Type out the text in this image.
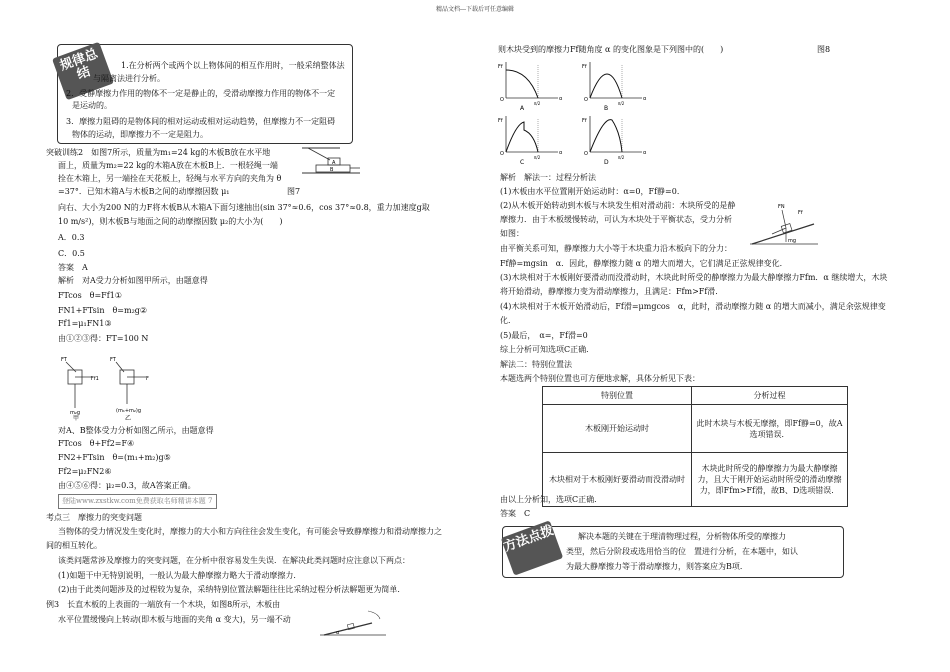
精品文档---下载后可任意编辑
规律总结	1.在分析两个或两个以上物体间的相互作用时，一般采纳整体法
与隔离法进行分析。
2．受静摩擦力作用的物体不一定是静止的，受滑动摩擦力作用的物体不一定
是运动的。
3．摩擦力阻碍的是物体间的相对运动或相对运动趋势，但摩擦力不一定阻碍
物体的运动，即摩擦力不一定是阻力。
突破训练2　如图7所示，质量为m₁=24 kg的木板B放在水平地
面上，质量为m₂=22 kg的木箱A放在木板B上．一根轻绳一端
拴在木箱上，另一端拴在天花板上，轻绳与水平方向的夹角为 θ
=37°．已知木箱A与木板B之间的动摩擦因数 μ₁	图7
向右、大小为200 N的力F将木板B从木箱A下面匀速抽出(sin 37°≈0.6，cos 37°≈0.8，重力加速度g取
10 m/s²)，则木板B与地面之间的动摩擦因数 μ₂的大小为(　　)
A
B
A．0.3
C．0.5
答案　A
解析　对A受力分析如图甲所示，由题意得
FTcos　θ=Ff1①
FN1+FTsin　θ=m₂g②
Ff1=μ₁FN1③
由①②③得：FT=100 N
FT
Ff1
m₂g
甲
FT
F
(m₁+m₂)g
乙
对A、B整体受力分析如图乙所示，由题意得
FTcos　θ+Ff2=F④
FN2+FTsin　θ=(m₁+m₂)g⑤
Ff2=μ₂FN2⑥
由④⑤⑥得：μ₂=0.3，故A答案正确。
登陆www.zxstkw.com免费获取名师精讲本题 7
考点三　摩擦力的突变问题
当物体的受力情况发生变化时，摩擦力的大小和方向往往会发生变化，有可能会导致静摩擦力和滑动摩擦力之
间的相互转化。
该类问题常涉及摩擦力的突变问题，在分析中很容易发生失误．在解决此类问题时应注意以下两点：
(1)如题干中无特别说明，一般认为最大静摩擦力略大于滑动摩擦力．
(2)由于此类问题涉及的过程较为复杂，采纳特别位置法解题往往比采纳过程分析法解题更为简单．
例3　长直木板的上表面的一端放有一个木块，如图8所示，木板由
水平位置缓慢向上转动(即木板与地面的夹角 α 变大)，另一端不动
α
则木块受到的摩擦力Ff随角度 α 的变化图象是下列图中的(　　)	图8
Ff
α
O
π/2
A
Ff
α
O
π/2
B
Ff
α
O
π/2
C
Ff
α
O
π/2
D
解析　解法一：过程分析法
(1)木板由水平位置刚开始运动时：α=0，Ff静=0．
(2)从木板开始转动到木板与木块发生相对滑动前：木块所受的是静
摩擦力．由于木板缓慢转动，可认为木块处于平衡状态，受力分析
如图：
FN
Ff
mg
由平衡关系可知，静摩擦力大小等于木块重力沿木板向下的分力：
Ff静=mgsin　α．因此，静摩擦力随 α 的增大而增大，它们满足正弦规律变化．
(3)木块相对于木板刚好要滑动而没滑动时，木块此时所受的静摩擦力为最大静摩擦力Ffm．α 继续增大，木块
将开始滑动，静摩擦力变为滑动摩擦力，且满足：Ffm>Ff滑．
(4)木块相对于木板开始滑动后，Ff滑=μmgcos　α，此时，滑动摩擦力随 α 的增大而减小，满足余弦规律变
化．
(5)最后，　α=，Ff滑=0
综上分析可知选项C正确．
解法二：特别位置法
本题选两个特别位置也可方便地求解，具体分析见下表：
特别位置	分析过程
木板刚开始运动时	此时木块与木板无摩擦，即Ff静=0，故A
选项错误．
木块相对于木板刚好要滑动而没滑动时	木块此时所受的静摩擦力为最大静摩擦力，且大于刚开始运动时所受的滑动摩擦力，即Ffm>Ff滑，故B、D选项错误．
由以上分析知，选项C正确．
答案　C
方法点拨	解决本题的关键在于理清物理过程，分析物体所受的摩擦力
类型，然后分阶段或选用恰当的位　置进行分析，在本题中，如认
为最大静摩擦力等于滑动摩擦力，则答案应为B项．
